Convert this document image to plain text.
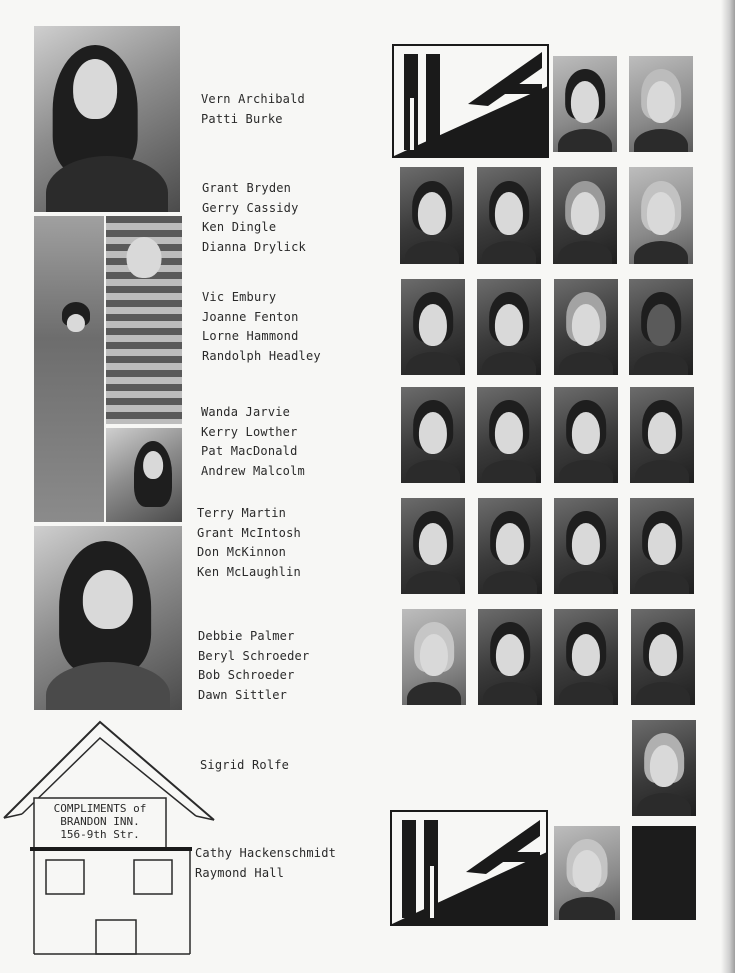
Vern Archibald
Patti Burke
Grant Bryden
Gerry Cassidy
Ken Dingle
Dianna Drylick
Vic Embury
Joanne Fenton
Lorne Hammond
Randolph Headley
Wanda Jarvie
Kerry Lowther
Pat MacDonald
Andrew Malcolm
Terry Martin
Grant McIntosh
Don McKinnon
Ken McLaughlin
Debbie Palmer
Beryl Schroeder
Bob Schroeder
Dawn Sittler
Sigrid Rolfe
Cathy Hackenschmidt
Raymond Hall
COMPLIMENTS of
BRANDON INN.
156-9th Str.
